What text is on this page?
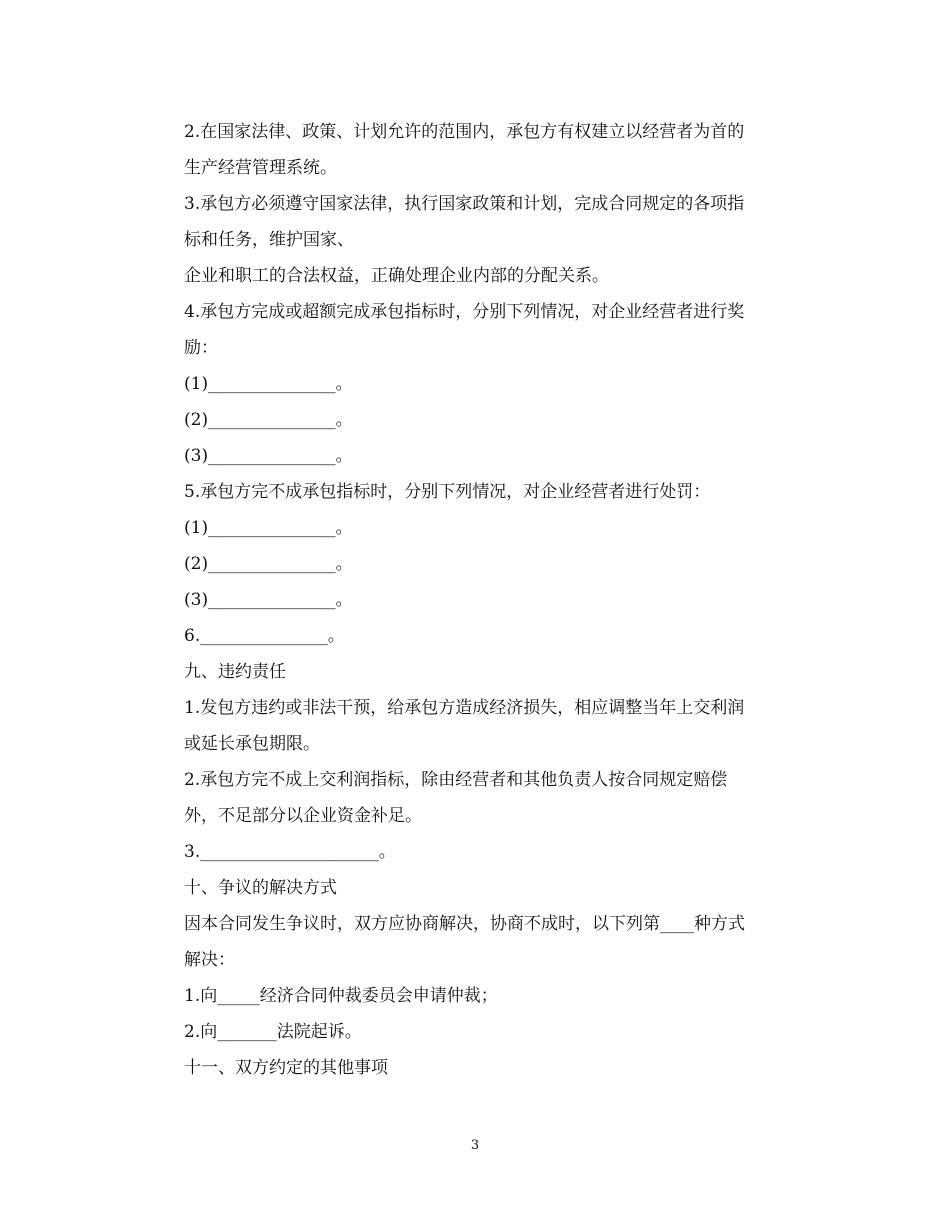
2.在国家法律、政策、计划允许的范围内，承包方有权建立以经营者为首的
生产经营管理系统。
3.承包方必须遵守国家法律，执行国家政策和计划，完成合同规定的各项指
标和任务，维护国家、
企业和职工的合法权益，正确处理企业内部的分配关系。
4.承包方完成或超额完成承包指标时，分别下列情况，对企业经营者进行奖
励：
(1)_______________。
(2)_______________。
(3)_______________。
5.承包方完不成承包指标时，分别下列情况，对企业经营者进行处罚：
(1)_______________。
(2)_______________。
(3)_______________。
6._______________。
九、违约责任
1.发包方违约或非法干预，给承包方造成经济损失，相应调整当年上交利润
或延长承包期限。
2.承包方完不成上交利润指标，除由经营者和其他负责人按合同规定赔偿
外，不足部分以企业资金补足。
3._____________________。
十、争议的解决方式
因本合同发生争议时，双方应协商解决，协商不成时，以下列第____种方式
解决：
1.向_____经济合同仲裁委员会申请仲裁；
2.向_______法院起诉。
十一、双方约定的其他事项
3
